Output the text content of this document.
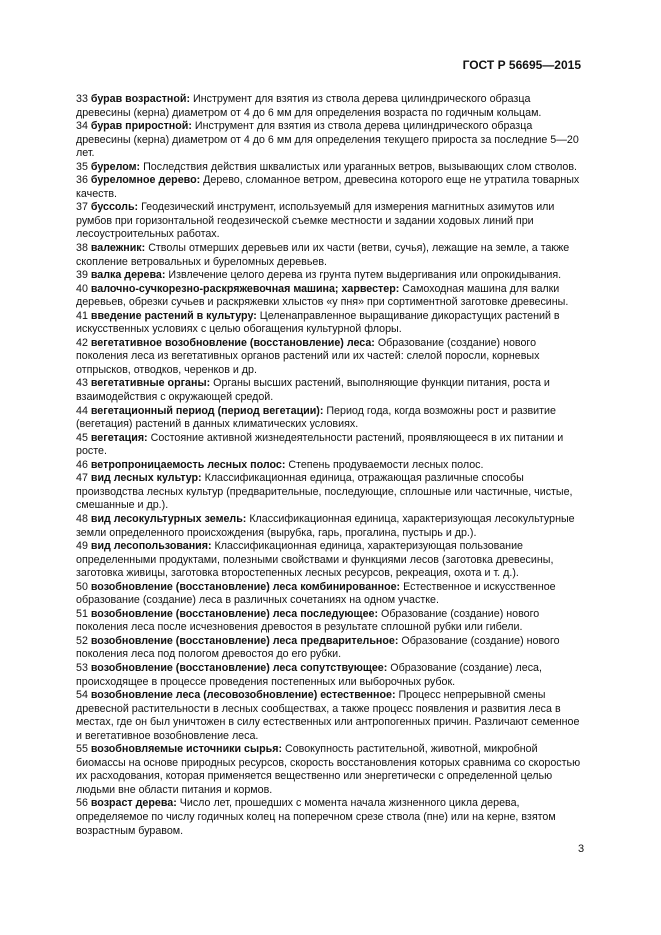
ГОСТ Р 56695—2015
33 бурав возрастной: Инструмент для взятия из ствола дерева цилиндрического образца древесины (керна) диаметром от 4 до 6 мм для определения возраста по годичным кольцам.
34 бурав приростной: Инструмент для взятия из ствола дерева цилиндрического образца древесины (керна) диаметром от 4 до 6 мм для определения текущего прироста за последние 5—20 лет.
35 бурелом: Последствия действия шквалистых или ураганных ветров, вызывающих слом стволов.
36 буреломное дерево: Дерево, сломанное ветром, древесина которого еще не утратила товарных качеств.
37 буссоль: Геодезический инструмент, используемый для измерения магнитных азимутов или румбов при горизонтальной геодезической съемке местности и задании ходовых линий при лесоустроительных работах.
38 валежник: Стволы отмерших деревьев или их части (ветви, сучья), лежащие на земле, а также скопление ветровальных и буреломных деревьев.
39 валка дерева: Извлечение целого дерева из грунта путем выдергивания или опрокидывания.
40 валочно-сучкорезно-раскряжевочная машина; харвестер: Самоходная машина для валки деревьев, обрезки сучьев и раскряжевки хлыстов «у пня» при сортиментной заготовке древесины.
41 введение растений в культуру: Целенаправленное выращивание дикорастущих растений в искусственных условиях с целью обогащения культурной флоры.
42 вегетативное возобновление (восстановление) леса: Образование (создание) нового поколения леса из вегетативных органов растений или их частей: слелой поросли, корневых отпрысков, отводков, черенков и др.
43 вегетативные органы: Органы высших растений, выполняющие функции питания, роста и взаимодействия с окружающей средой.
44 вегетационный период (период вегетации): Период года, когда возможны рост и развитие (вегетация) растений в данных климатических условиях.
45 вегетация: Состояние активной жизнедеятельности растений, проявляющееся в их питании и росте.
46 ветропроницаемость лесных полос: Степень продуваемости лесных полос.
47 вид лесных культур: Классификационная единица, отражающая различные способы производства лесных культур (предварительные, последующие, сплошные или частичные, чистые, смешанные и др.).
48 вид лесокультурных земель: Классификационная единица, характеризующая лесокультурные земли определенного происхождения (вырубка, гарь, прогалина, пустырь и др.).
49 вид лесопользования: Классификационная единица, характеризующая пользование определенными продуктами, полезными свойствами и функциями лесов (заготовка древесины, заготовка живицы, заготовка второстепенных лесных ресурсов, рекреация, охота и т. д.).
50 возобновление (восстановление) леса комбинированное: Естественное и искусственное образование (создание) леса в различных сочетаниях на одном участке.
51 возобновление (восстановление) леса последующее: Образование (создание) нового поколения леса после исчезновения древостоя в результате сплошной рубки или гибели.
52 возобновление (восстановление) леса предварительное: Образование (создание) нового поколения леса под пологом древостоя до его рубки.
53 возобновление (восстановление) леса сопутствующее: Образование (создание) леса, происходящее в процессе проведения постепенных или выборочных рубок.
54 возобновление леса (лесовозобновление) естественное: Процесс непрерывной смены древесной растительности в лесных сообществах, а также процесс появления и развития леса в местах, где он был уничтожен в силу естественных или антропогенных причин. Различают семенное и вегетативное возобновление леса.
55 возобновляемые источники сырья: Совокупность растительной, животной, микробной биомассы на основе природных ресурсов, скорость восстановления которых сравнима со скоростью их расходования, которая применяется вещественно или энергетически с определенной целью людьми вне области питания и кормов.
56 возраст дерева: Число лет, прошедших с момента начала жизненного цикла дерева, определяемое по числу годичных колец на поперечном срезе ствола (пне) или на керне, взятом возрастным буравом.
3
